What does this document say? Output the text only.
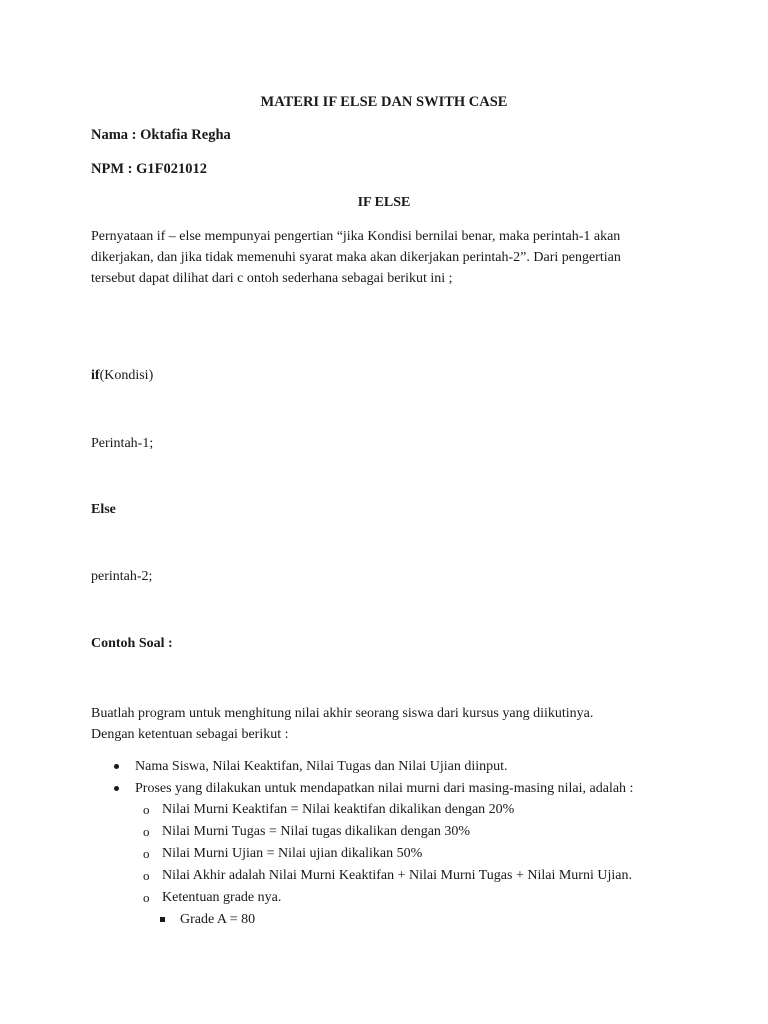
MATERI IF ELSE DAN SWITH CASE
Nama : Oktafia Regha
NPM : G1F021012
IF ELSE
Pernyataan if – else mempunyai pengertian “jika Kondisi bernilai benar, maka perintah-1 akan
dikerjakan, dan jika tidak memenuhi syarat maka akan dikerjakan perintah-2”. Dari pengertian
tersebut dapat dilihat dari c ontoh sederhana sebagai berikut ini ;
if(Kondisi)
Perintah-1;
Else
perintah-2;
Contoh Soal :
Buatlah program untuk menghitung nilai akhir seorang siswa dari kursus yang diikutinya.
Dengan ketentuan sebagai berikut :
Nama Siswa, Nilai Keaktifan, Nilai Tugas dan Nilai Ujian diinput.
Proses yang dilakukan untuk mendapatkan nilai murni dari masing-masing nilai, adalah :
o Nilai Murni Keaktifan = Nilai keaktifan dikalikan dengan 20%
o Nilai Murni Tugas = Nilai tugas dikalikan dengan 30%
o Nilai Murni Ujian = Nilai ujian dikalikan 50%
o Nilai Akhir adalah Nilai Murni Keaktifan + Nilai Murni Tugas + Nilai Murni Ujian.
o Ketentuan grade nya.
Grade A = 80
